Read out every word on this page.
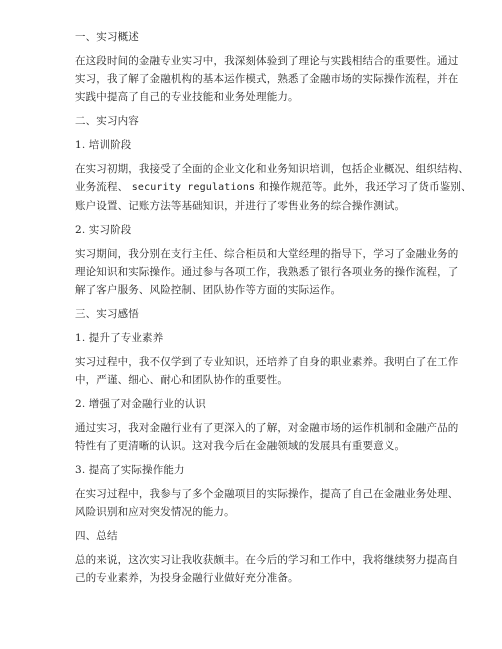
一、实习概述
在这段时间的金融专业实习中，我深刻体验到了理论与实践相结合的重要性。通过
实习，我了解了金融机构的基本运作模式，熟悉了金融市场的实际操作流程，并在
实践中提高了自己的专业技能和业务处理能力。
二、实习内容
1. 培训阶段
在实习初期，我接受了全面的企业文化和业务知识培训，包括企业概况、组织结构、
业务流程、 security regulations 和操作规范等。此外，我还学习了货币鉴别、
账户设置、记账方法等基础知识，并进行了零售业务的综合操作测试。
2. 实习阶段
实习期间，我分别在支行主任、综合柜员和大堂经理的指导下，学习了金融业务的
理论知识和实际操作。通过参与各项工作，我熟悉了银行各项业务的操作流程，了
解了客户服务、风险控制、团队协作等方面的实际运作。
三、实习感悟
1. 提升了专业素养
实习过程中，我不仅学到了专业知识，还培养了自身的职业素养。我明白了在工作
中，严谨、细心、耐心和团队协作的重要性。
2. 增强了对金融行业的认识
通过实习，我对金融行业有了更深入的了解，对金融市场的运作机制和金融产品的
特性有了更清晰的认识。这对我今后在金融领域的发展具有重要意义。
3. 提高了实际操作能力
在实习过程中，我参与了多个金融项目的实际操作，提高了自己在金融业务处理、
风险识别和应对突发情况的能力。
四、总结
总的来说，这次实习让我收获颇丰。在今后的学习和工作中，我将继续努力提高自
己的专业素养，为投身金融行业做好充分准备。
